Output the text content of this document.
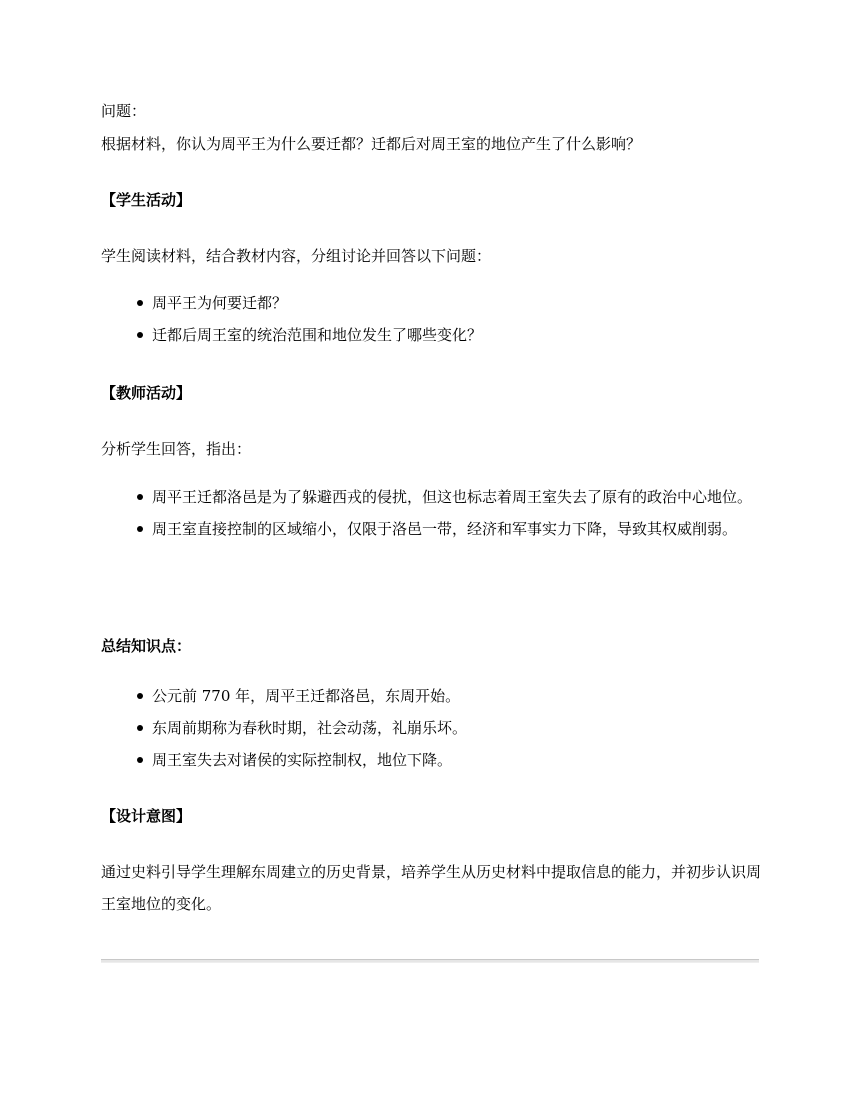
问题：
根据材料，你认为周平王为什么要迁都？迁都后对周王室的地位产生了什么影响？
【学生活动】
学生阅读材料，结合教材内容，分组讨论并回答以下问题：
周平王为何要迁都？
迁都后周王室的统治范围和地位发生了哪些变化？
【教师活动】
分析学生回答，指出：
周平王迁都洛邑是为了躲避西戎的侵扰，但这也标志着周王室失去了原有的政治中心地位。
周王室直接控制的区域缩小，仅限于洛邑一带，经济和军事实力下降，导致其权威削弱。
总结知识点：
公元前 770 年，周平王迁都洛邑，东周开始。
东周前期称为春秋时期，社会动荡，礼崩乐坏。
周王室失去对诸侯的实际控制权，地位下降。
【设计意图】
通过史料引导学生理解东周建立的历史背景，培养学生从历史材料中提取信息的能力，并初步认识周王室地位的变化。
